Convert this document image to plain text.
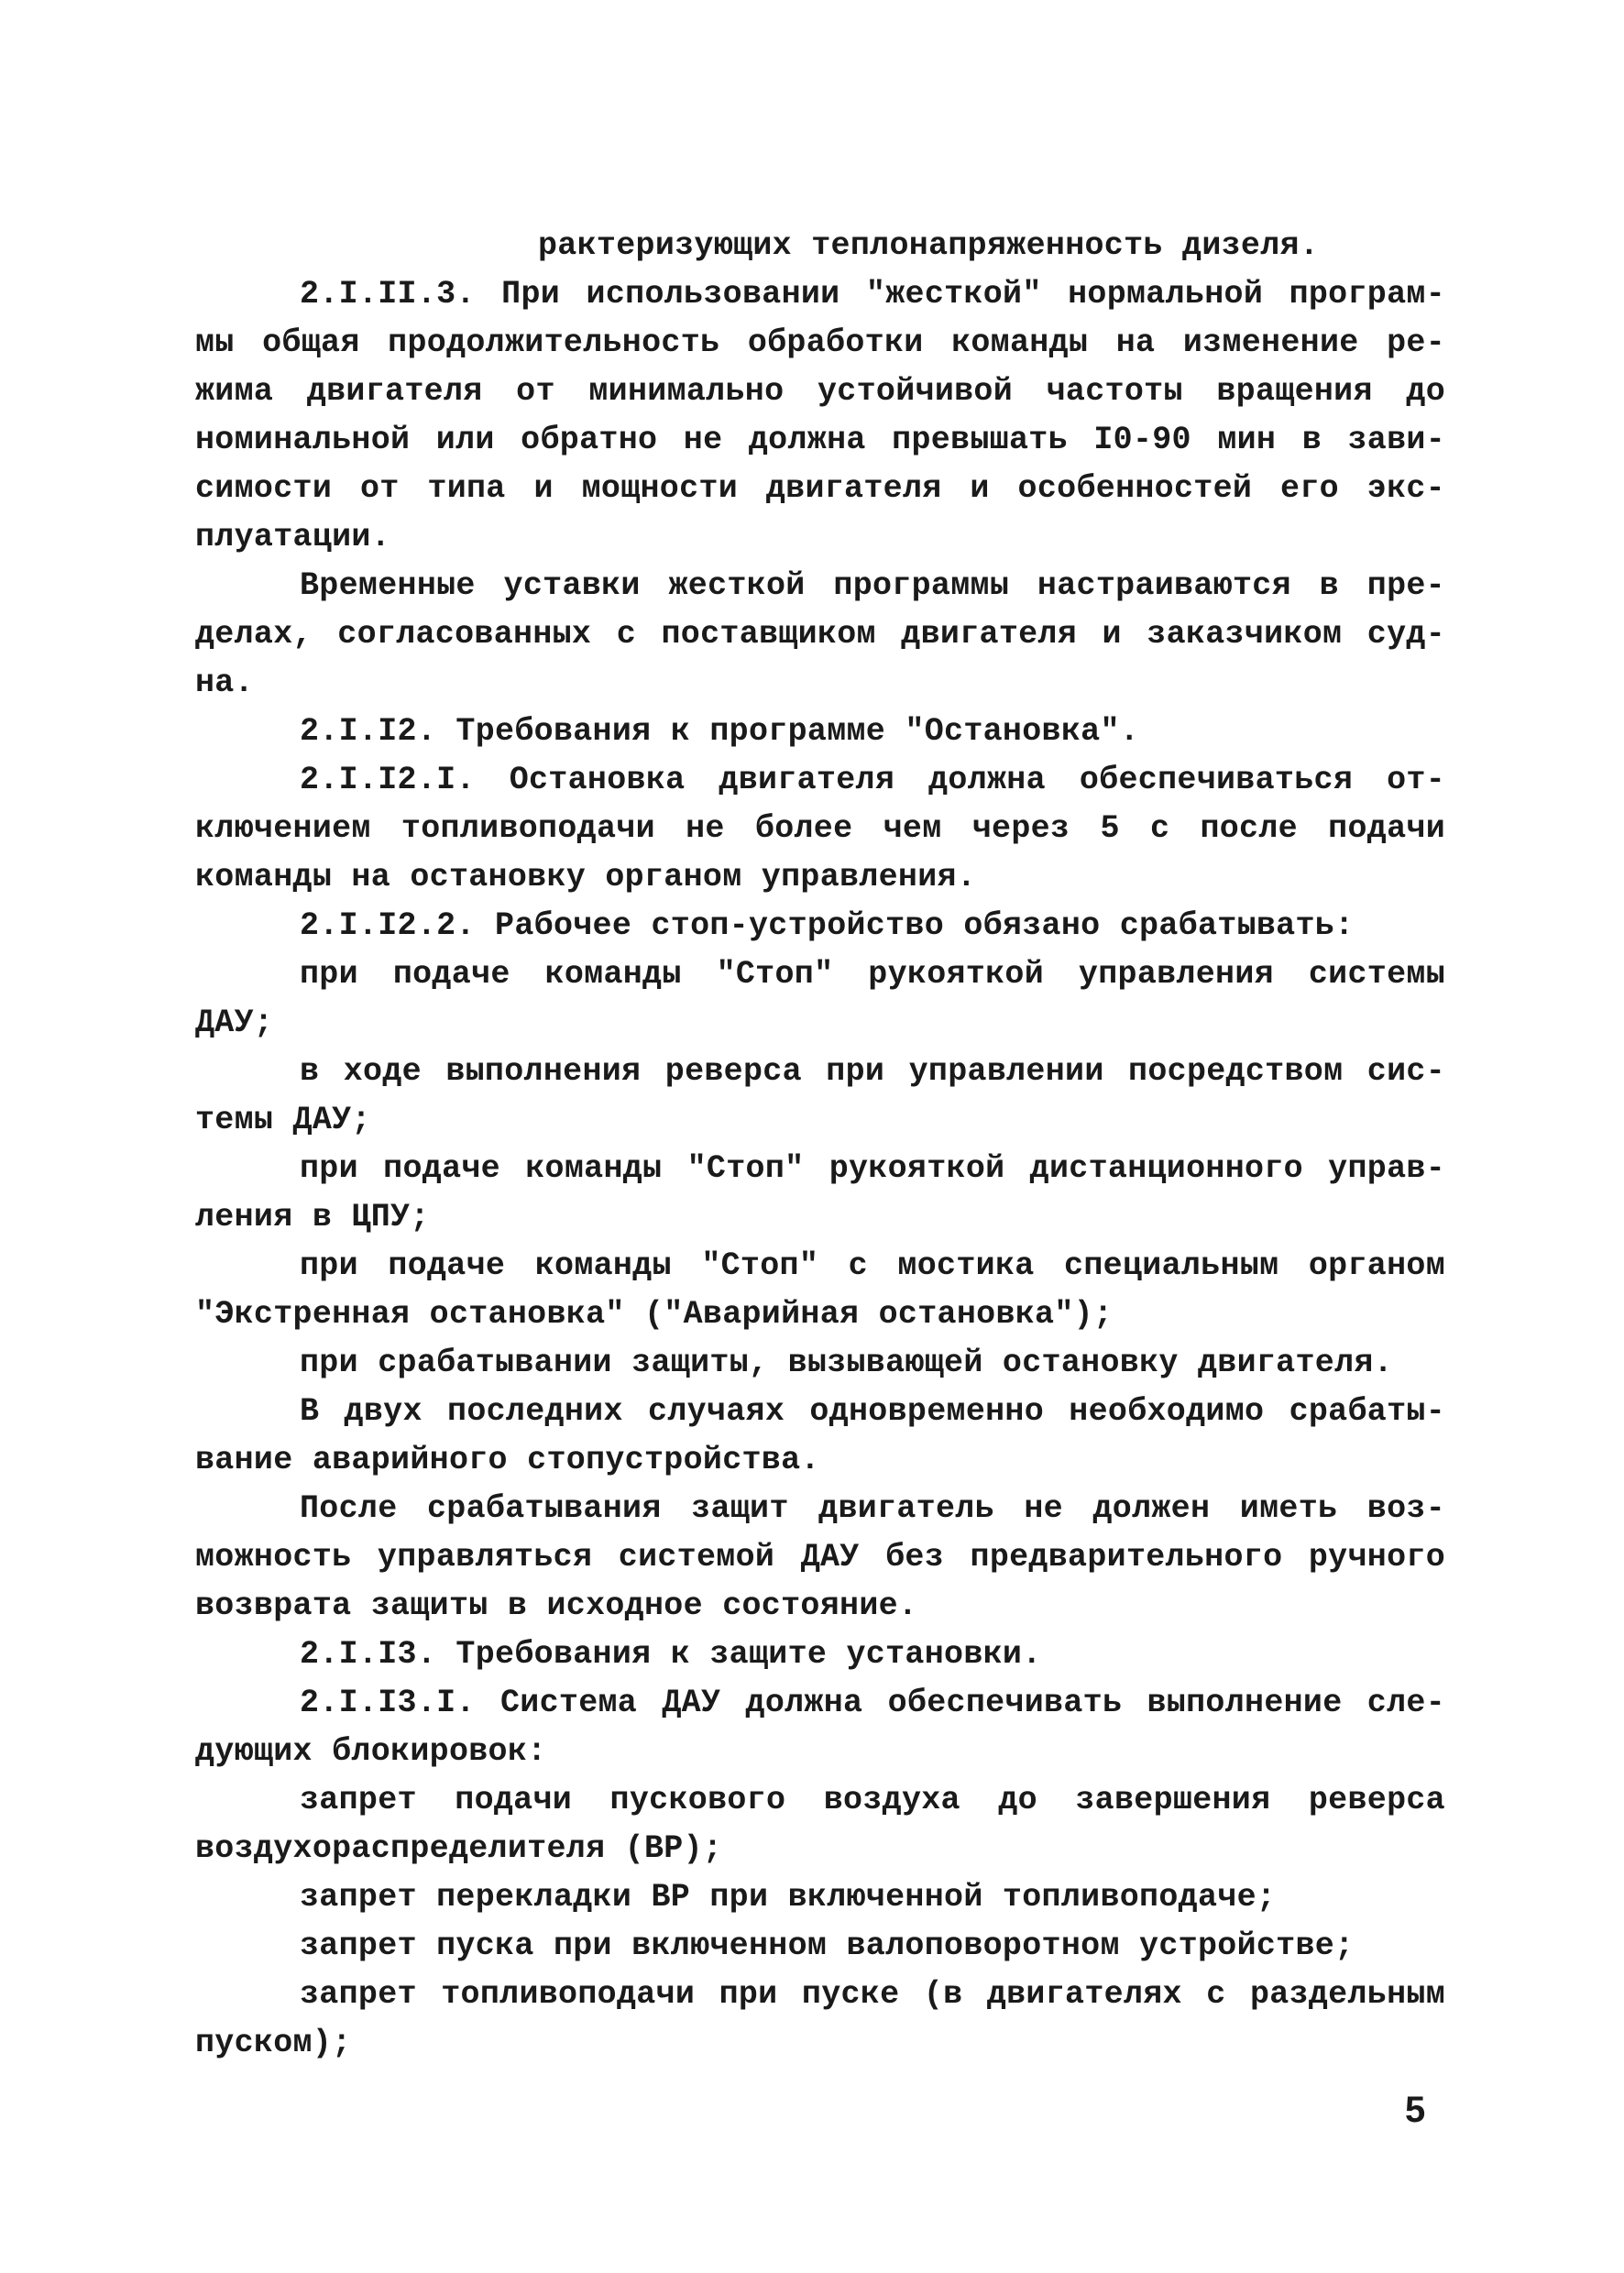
рактеризующих теплонапряженность дизеля.
2.I.II.3. При использовании "жесткой" нормальной програм-
мы общая продолжительность обработки команды на изменение ре-
жима двигателя от минимально устойчивой частоты вращения до
номинальной или обратно не должна превышать I0-90 мин в зави-
симости от типа и мощности двигателя и особенностей его экс-
плуатации.
Временные уставки жесткой программы настраиваются в пре-
делах, согласованных с поставщиком двигателя и заказчиком суд-
на.
2.I.I2. Требования к программе "Остановка".
2.I.I2.I. Остановка двигателя должна обеспечиваться от-
ключением топливоподачи не более чем через 5 с после подачи
команды на остановку органом управления.
2.I.I2.2. Рабочее стоп-устройство обязано срабатывать:
при подаче команды "Стоп" рукояткой управления системы
ДАУ;
в ходе выполнения реверса при управлении посредством сис-
темы ДАУ;
при подаче команды "Стоп" рукояткой дистанционного управ-
ления в ЦПУ;
при подаче команды "Стоп" с мостика специальным органом
"Экстренная остановка" ("Аварийная остановка");
при срабатывании защиты, вызывающей остановку двигателя.
В двух последних случаях одновременно необходимо срабаты-
вание аварийного стопустройства.
После срабатывания защит двигатель не должен иметь воз-
можность управляться системой ДАУ без предварительного ручного
возврата защиты в исходное состояние.
2.I.I3. Требования к защите установки.
2.I.I3.I. Система ДАУ должна обеспечивать выполнение сле-
дующих блокировок:
запрет подачи пускового воздуха до завершения реверса
воздухораспределителя (ВР);
запрет перекладки ВР при включенной топливоподаче;
запрет пуска при включенном валоповоротном устройстве;
запрет топливоподачи при пуске (в двигателях с раздельным
пуском);
5
